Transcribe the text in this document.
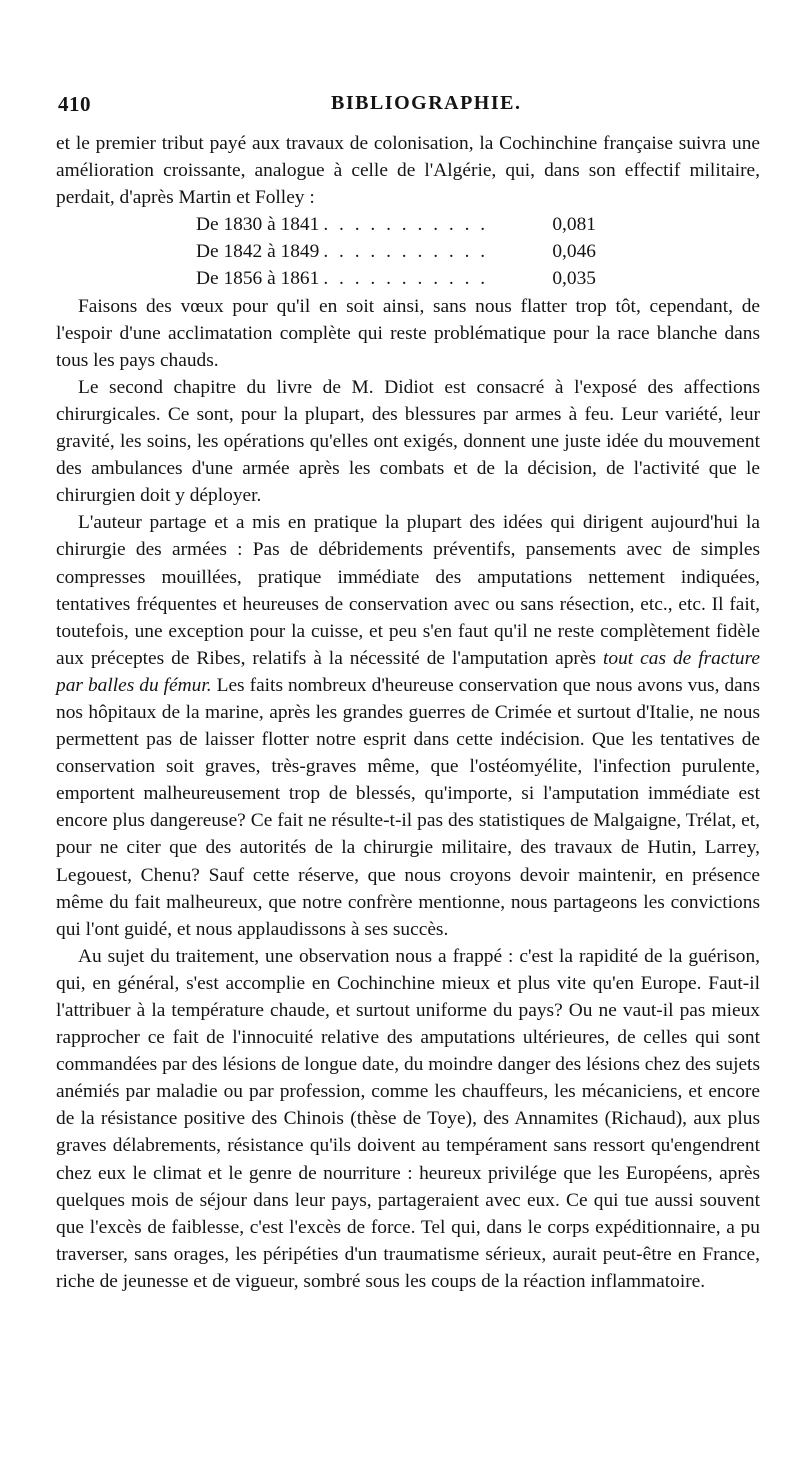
410	BIBLIOGRAPHIE.

et le premier tribut payé aux travaux de colonisation, la Cochinchine française suivra une amélioration croissante, analogue à celle de l'Algérie, qui, dans son effectif militaire, perdait, d'après Martin et Folley :

De 1830 à 1841 . . . . . . . . . . .	0,081
De 1842 à 1849 . . . . . . . . . . .	0,046
De 1856 à 1861 . . . . . . . . . . .	0,035

Faisons des vœux pour qu'il en soit ainsi, sans nous flatter trop tôt, cependant, de l'espoir d'une acclimatation complète qui reste problématique pour la race blanche dans tous les pays chauds.

Le second chapitre du livre de M. Didiot est consacré à l'exposé des affections chirurgicales. Ce sont, pour la plupart, des blessures par armes à feu. Leur variété, leur gravité, les soins, les opérations qu'elles ont exigés, donnent une juste idée du mouvement des ambulances d'une armée après les combats et de la décision, de l'activité que le chirurgien doit y déployer.

L'auteur partage et a mis en pratique la plupart des idées qui dirigent aujourd'hui la chirurgie des armées : Pas de débridements préventifs, pansements avec de simples compresses mouillées, pratique immédiate des amputations nettement indiquées, tentatives fréquentes et heureuses de conservation avec ou sans résection, etc., etc. Il fait, toutefois, une exception pour la cuisse, et peu s'en faut qu'il ne reste complètement fidèle aux préceptes de Ribes, relatifs à la nécessité de l'amputation après tout cas de fracture par balles du fémur. Les faits nombreux d'heureuse conservation que nous avons vus, dans nos hôpitaux de la marine, après les grandes guerres de Crimée et surtout d'Italie, ne nous permettent pas de laisser flotter notre esprit dans cette indécision. Que les tentatives de conservation soit graves, très-graves même, que l'ostéomyélite, l'infection purulente, emportent malheureusement trop de blessés, qu'importe, si l'amputation immédiate est encore plus dangereuse? Ce fait ne résulte-t-il pas des statistiques de Malgaigne, Trélat, et, pour ne citer que des autorités de la chirurgie militaire, des travaux de Hutin, Larrey, Legouest, Chenu? Sauf cette réserve, que nous croyons devoir maintenir, en présence même du fait malheureux, que notre confrère mentionne, nous partageons les convictions qui l'ont guidé, et nous applaudissons à ses succès.

Au sujet du traitement, une observation nous a frappé : c'est la rapidité de la guérison, qui, en général, s'est accomplie en Cochinchine mieux et plus vite qu'en Europe. Faut-il l'attribuer à la température chaude, et surtout uniforme du pays? Ou ne vaut-il pas mieux rapprocher ce fait de l'innocuité relative des amputations ultérieures, de celles qui sont commandées par des lésions de longue date, du moindre danger des lésions chez des sujets anémiés par maladie ou par profession, comme les chauffeurs, les mécaniciens, et encore de la résistance positive des Chinois (thèse de Toye), des Annamites (Richaud), aux plus graves délabrements, résistance qu'ils doivent au tempérament sans ressort qu'engendrent chez eux le climat et le genre de nourriture : heureux privilége que les Européens, après quelques mois de séjour dans leur pays, partageraient avec eux. Ce qui tue aussi souvent que l'excès de faiblesse, c'est l'excès de force. Tel qui, dans le corps expéditionnaire, a pu traverser, sans orages, les péripéties d'un traumatisme sérieux, aurait peut-être en France, riche de jeunesse et de vigueur, sombré sous les coups de la réaction inflammatoire.
